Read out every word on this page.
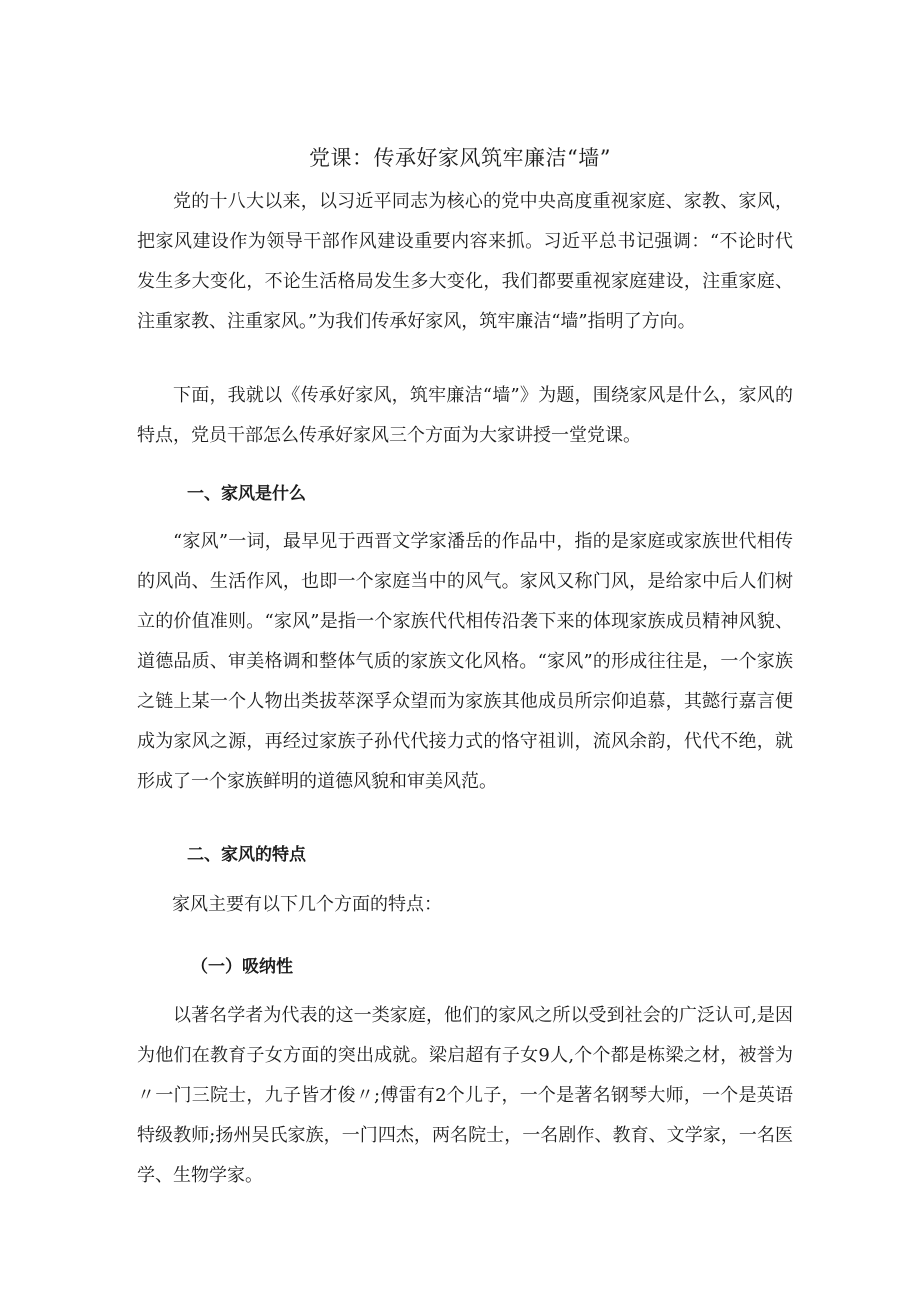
党课：传承好家风筑牢廉洁“墙”

党的十八大以来，以习近平同志为核心的党中央高度重视家庭、家教、家风，把家风建设作为领导干部作风建设重要内容来抓。习近平总书记强调：“不论时代发生多大变化，不论生活格局发生多大变化，我们都要重视家庭建设，注重家庭、注重家教、注重家风。”为我们传承好家风，筑牢廉洁“墙”指明了方向。

下面，我就以《传承好家风，筑牢廉洁“墙”》为题，围绕家风是什么，家风的特点，党员干部怎么传承好家风三个方面为大家讲授一堂党课。

一、家风是什么

“家风”一词，最早见于西晋文学家潘岳的作品中，指的是家庭或家族世代相传的风尚、生活作风，也即一个家庭当中的风气。家风又称门风，是给家中后人们树立的价值准则。“家风”是指一个家族代代相传沿袭下来的体现家族成员精神风貌、道德品质、审美格调和整体气质的家族文化风格。“家风”的形成往往是，一个家族之链上某一个人物出类拔萃深孚众望而为家族其他成员所宗仰追慕，其懿行嘉言便成为家风之源，再经过家族子孙代代接力式的恪守祖训，流风余韵，代代不绝，就形成了一个家族鲜明的道德风貌和审美风范。

二、家风的特点

家风主要有以下几个方面的特点：

（一）吸纳性

以著名学者为代表的这一类家庭，他们的家风之所以受到社会的广泛认可,是因为他们在教育子女方面的突出成就。梁启超有子女9人,个个都是栋梁之材，被誉为〃一门三院士，九子皆才俊〃;傅雷有2个儿子，一个是著名钢琴大师，一个是英语特级教师;扬州吴氏家族，一门四杰，两名院士，一名剧作、教育、文学家，一名医学、生物学家。
